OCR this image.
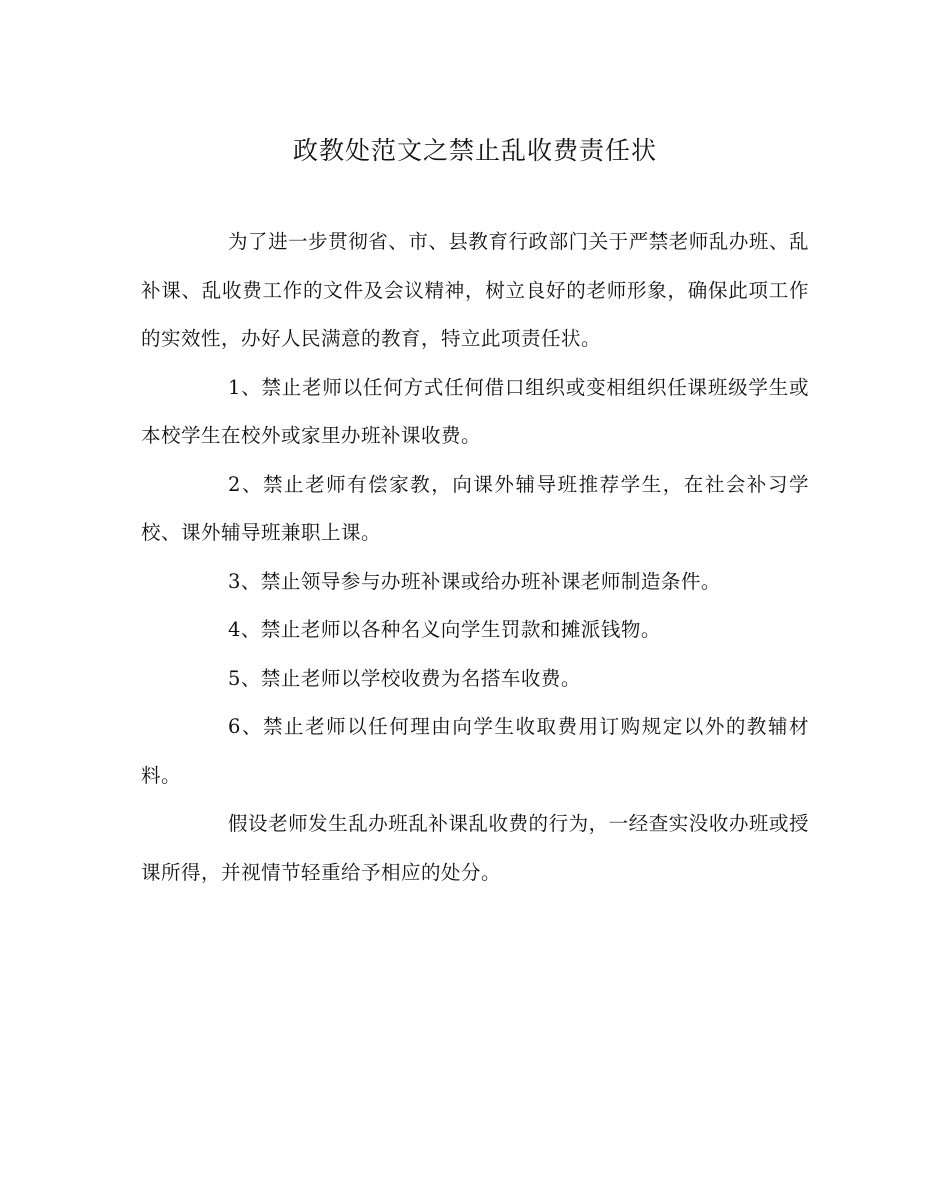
政教处范文之禁止乱收费责任状

为了进一步贯彻省、市、县教育行政部门关于严禁老师乱办班、乱补课、乱收费工作的文件及会议精神，树立良好的老师形象，确保此项工作的实效性，办好人民满意的教育，特立此项责任状。

1、禁止老师以任何方式任何借口组织或变相组织任课班级学生或本校学生在校外或家里办班补课收费。

2、禁止老师有偿家教，向课外辅导班推荐学生，在社会补习学校、课外辅导班兼职上课。

3、禁止领导参与办班补课或给办班补课老师制造条件。

4、禁止老师以各种名义向学生罚款和摊派钱物。

5、禁止老师以学校收费为名搭车收费。

6、禁止老师以任何理由向学生收取费用订购规定以外的教辅材料。

假设老师发生乱办班乱补课乱收费的行为，一经查实没收办班或授课所得，并视情节轻重给予相应的处分。
